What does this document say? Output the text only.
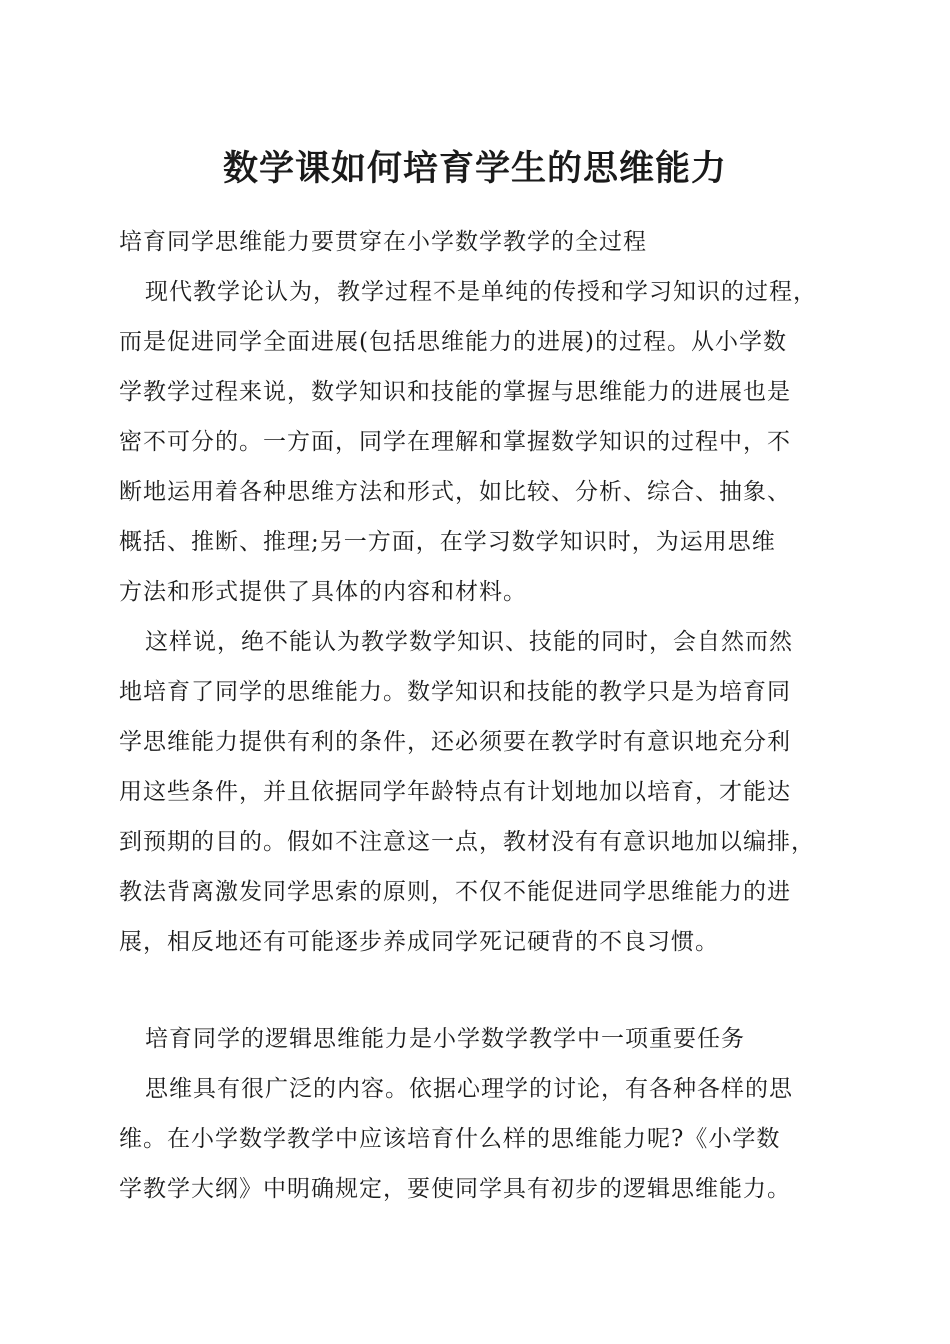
数学课如何培育学生的思维能力
培育同学思维能力要贯穿在小学数学教学的全过程
现代教学论认为，教学过程不是单纯的传授和学习知识的过程，
而是促进同学全面进展(包括思维能力的进展)的过程。从小学数
学教学过程来说，数学知识和技能的掌握与思维能力的进展也是
密不可分的。一方面，同学在理解和掌握数学知识的过程中，不
断地运用着各种思维方法和形式，如比较、分析、综合、抽象、
概括、推断、推理;另一方面，在学习数学知识时，为运用思维
方法和形式提供了具体的内容和材料。
这样说，绝不能认为教学数学知识、技能的同时，会自然而然
地培育了同学的思维能力。数学知识和技能的教学只是为培育同
学思维能力提供有利的条件，还必须要在教学时有意识地充分利
用这些条件，并且依据同学年龄特点有计划地加以培育，才能达
到预期的目的。假如不注意这一点，教材没有有意识地加以编排，
教法背离激发同学思索的原则，不仅不能促进同学思维能力的进
展，相反地还有可能逐步养成同学死记硬背的不良习惯。
培育同学的逻辑思维能力是小学数学教学中一项重要任务
思维具有很广泛的内容。依据心理学的讨论，有各种各样的思
维。在小学数学教学中应该培育什么样的思维能力呢?《小学数
学教学大纲》中明确规定，要使同学具有初步的逻辑思维能力。
